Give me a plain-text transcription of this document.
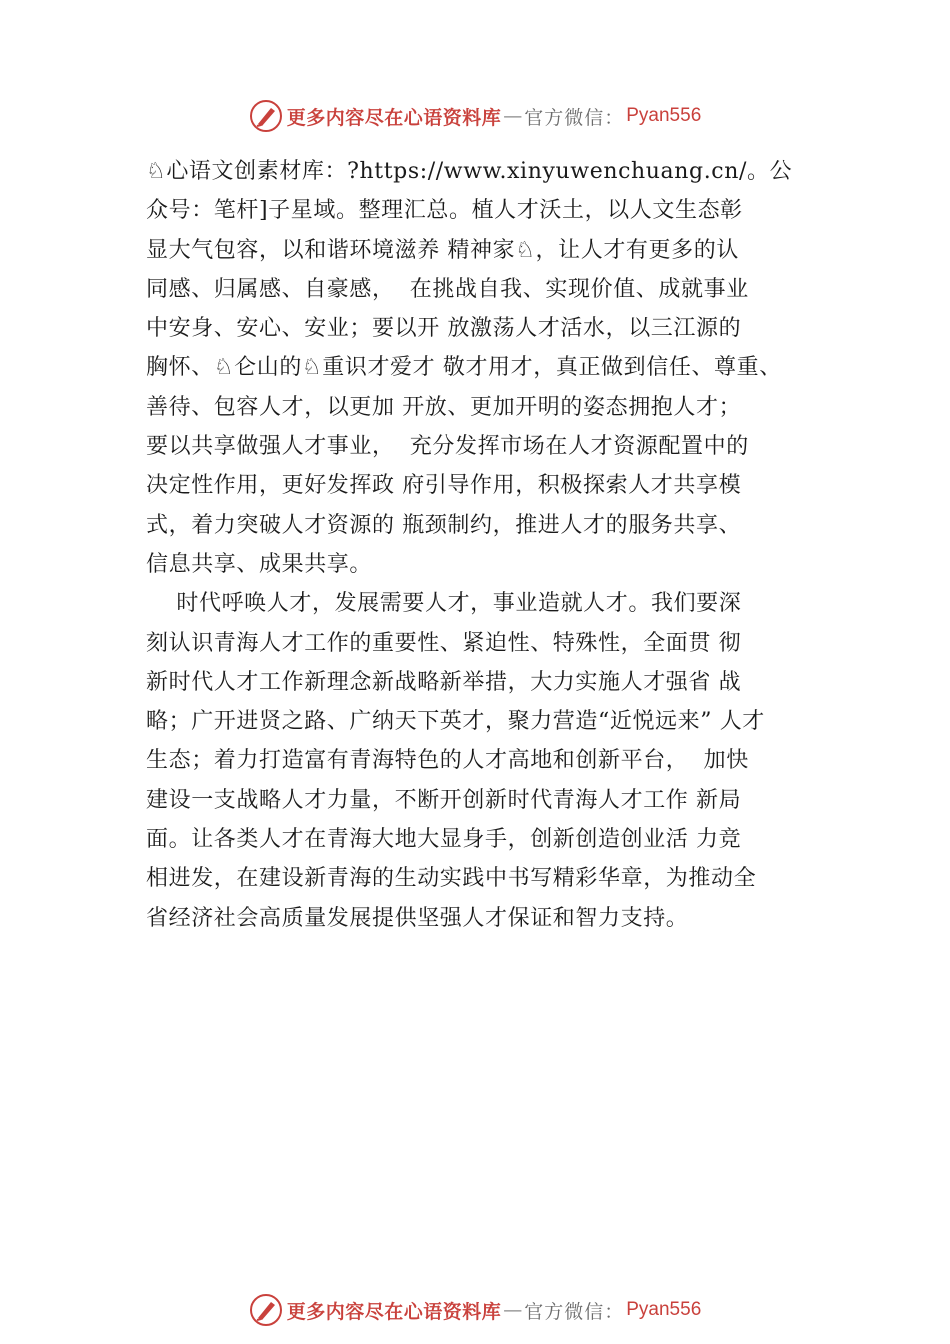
更多内容尽在心语资料库 — 官方微信： Pyan556
♘心语文创素材库：?https://www.xinyuwenchuang.cn/。公
众号：笔杆]子星域。整理汇总。植人才沃土，以人文生态彰
显大气包容，以和谐环境滋养 精神家♘，让人才有更多的认
同感、归属感、自豪感，  在挑战自我、实现价值、成就事业
中安身、安心、安业；要以开 放激荡人才活水，以三江源的
胸怀、♘仑山的♘重识才爱才 敬才用才，真正做到信任、尊重、
善待、包容人才，以更加 开放、更加开明的姿态拥抱人才；
要以共享做强人才事业，  充分发挥市场在人才资源配置中的
决定性作用，更好发挥政 府引导作用，积极探索人才共享模
式，着力突破人才资源的 瓶颈制约，推进人才的服务共享、
信息共享、成果共享。
时代呼唤人才，发展需要人才，事业造就人才。我们要深
刻认识青海人才工作的重要性、紧迫性、特殊性，全面贯 彻
新时代人才工作新理念新战略新举措，大力实施人才强省 战
略；广开进贤之路、广纳天下英才，聚力营造“近悦远来” 人才
生态；着力打造富有青海特色的人才高地和创新平台，  加快
建设一支战略人才力量，不断开创新时代青海人才工作 新局
面。让各类人才在青海大地大显身手，创新创造创业活 力竞
相进发，在建设新青海的生动实践中书写精彩华章，为推动全
省经济社会高质量发展提供坚强人才保证和智力支持。
更多内容尽在心语资料库 — 官方微信： Pyan556
